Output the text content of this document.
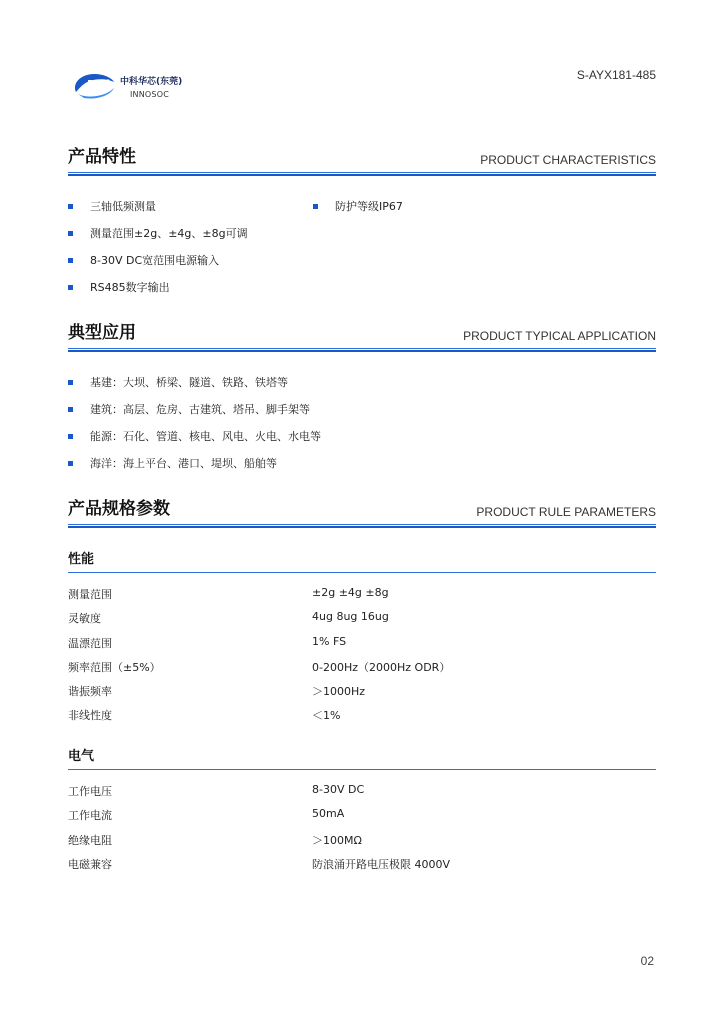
中科华芯(东莞)
INNOSOC
S-AYX181-485
产品特性	PRODUCT CHARACTERISTICS
三轴低频测量
测量范围±2g、±4g、±8g可调
8-30V DC宽范围电源输入
RS485数字输出
防护等级IP67
典型应用	PRODUCT TYPICAL APPLICATION
基建：大坝、桥梁、隧道、铁路、铁塔等
建筑：高层、危房、古建筑、塔吊、脚手架等
能源：石化、管道、核电、风电、火电、水电等
海洋：海上平台、港口、堤坝、船舶等
产品规格参数	PRODUCT RULE PARAMETERS
性能
测量范围	±2g ±4g ±8g
灵敏度	4ug 8ug 16ug
温漂范围	1% FS
频率范围（±5%）	0-200Hz（2000Hz ODR）
谐振频率	＞1000Hz
非线性度	＜1%
电气
工作电压	8-30V DC
工作电流	50mA
绝缘电阻	＞100MΩ
电磁兼容	防浪涌开路电压极限 4000V
02
